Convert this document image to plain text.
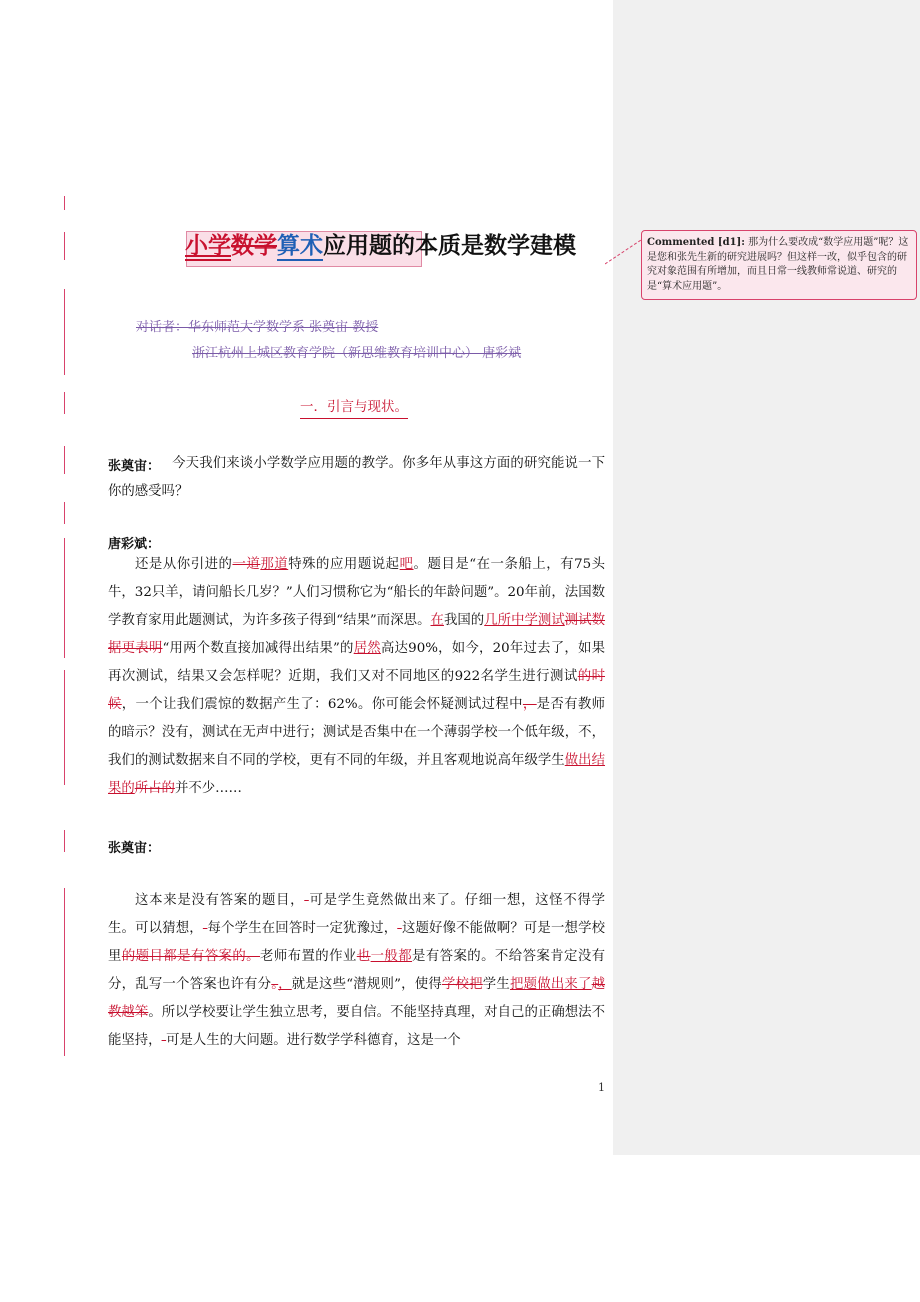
小学数学算术应用题的本质是数学建模	Commented [d1]: 那为什么要改成“数学应用题”呢？这是您和张先生新的研究进展吗？但这样一改，似乎包含的研究对象范围有所增加，而且日常一线教师常说道、研究的是“算术应用题”。
对话者：华东师范大学数学系 张奠宙 教授
浙江杭州上城区教育学院（新思维教育培训中心） 唐彩斌
一．引言与现状。
张奠宙： 今天我们来谈小学数学应用题的教学。你多年从事这方面的研究能说一下你的感受吗？
唐彩斌：
还是从你引进的一道那道特殊的应用题说起吧。题目是“在一条船上，有75头牛，32只羊，请问船长几岁？”人们习惯称它为“船长的年龄问题”。20年前，法国数学教育家用此题测试，为许多孩子得到“结果”而深思。在我国的几所中学测试测试数据更表明“用两个数直接加减得出结果”的居然高达90%，如今，20年过去了，如果再次测试，结果又会怎样呢？近期，我们又对不同地区的922名学生进行测试的时候，一个让我们震惊的数据产生了：62%。你可能会怀疑测试过程中，是否有教师的暗示？没有，测试在无声中进行；测试是否集中在一个薄弱学校一个低年级，不，我们的测试数据来自不同的学校，更有不同的年级，并且客观地说高年级学生做出结果的所占的并不少……
张奠宙：
这本来是没有答案的题目，-可是学生竟然做出来了。仔细一想，这怪不得学生。可以猜想，-每个学生在回答时一定犹豫过，-这题好像不能做啊？可是一想学校里的题目都是有答案的。老师布置的作业也一般都是有答案的。不给答案肯定没有分，乱写一个答案也许有分。，就是这些“潜规则”，使得学校把学生把题做出来了越教越笨。所以学校要让学生独立思考，要自信。不能坚持真理，对自己的正确想法不能坚持，-可是人生的大问题。进行数学学科德育，这是一个
1
